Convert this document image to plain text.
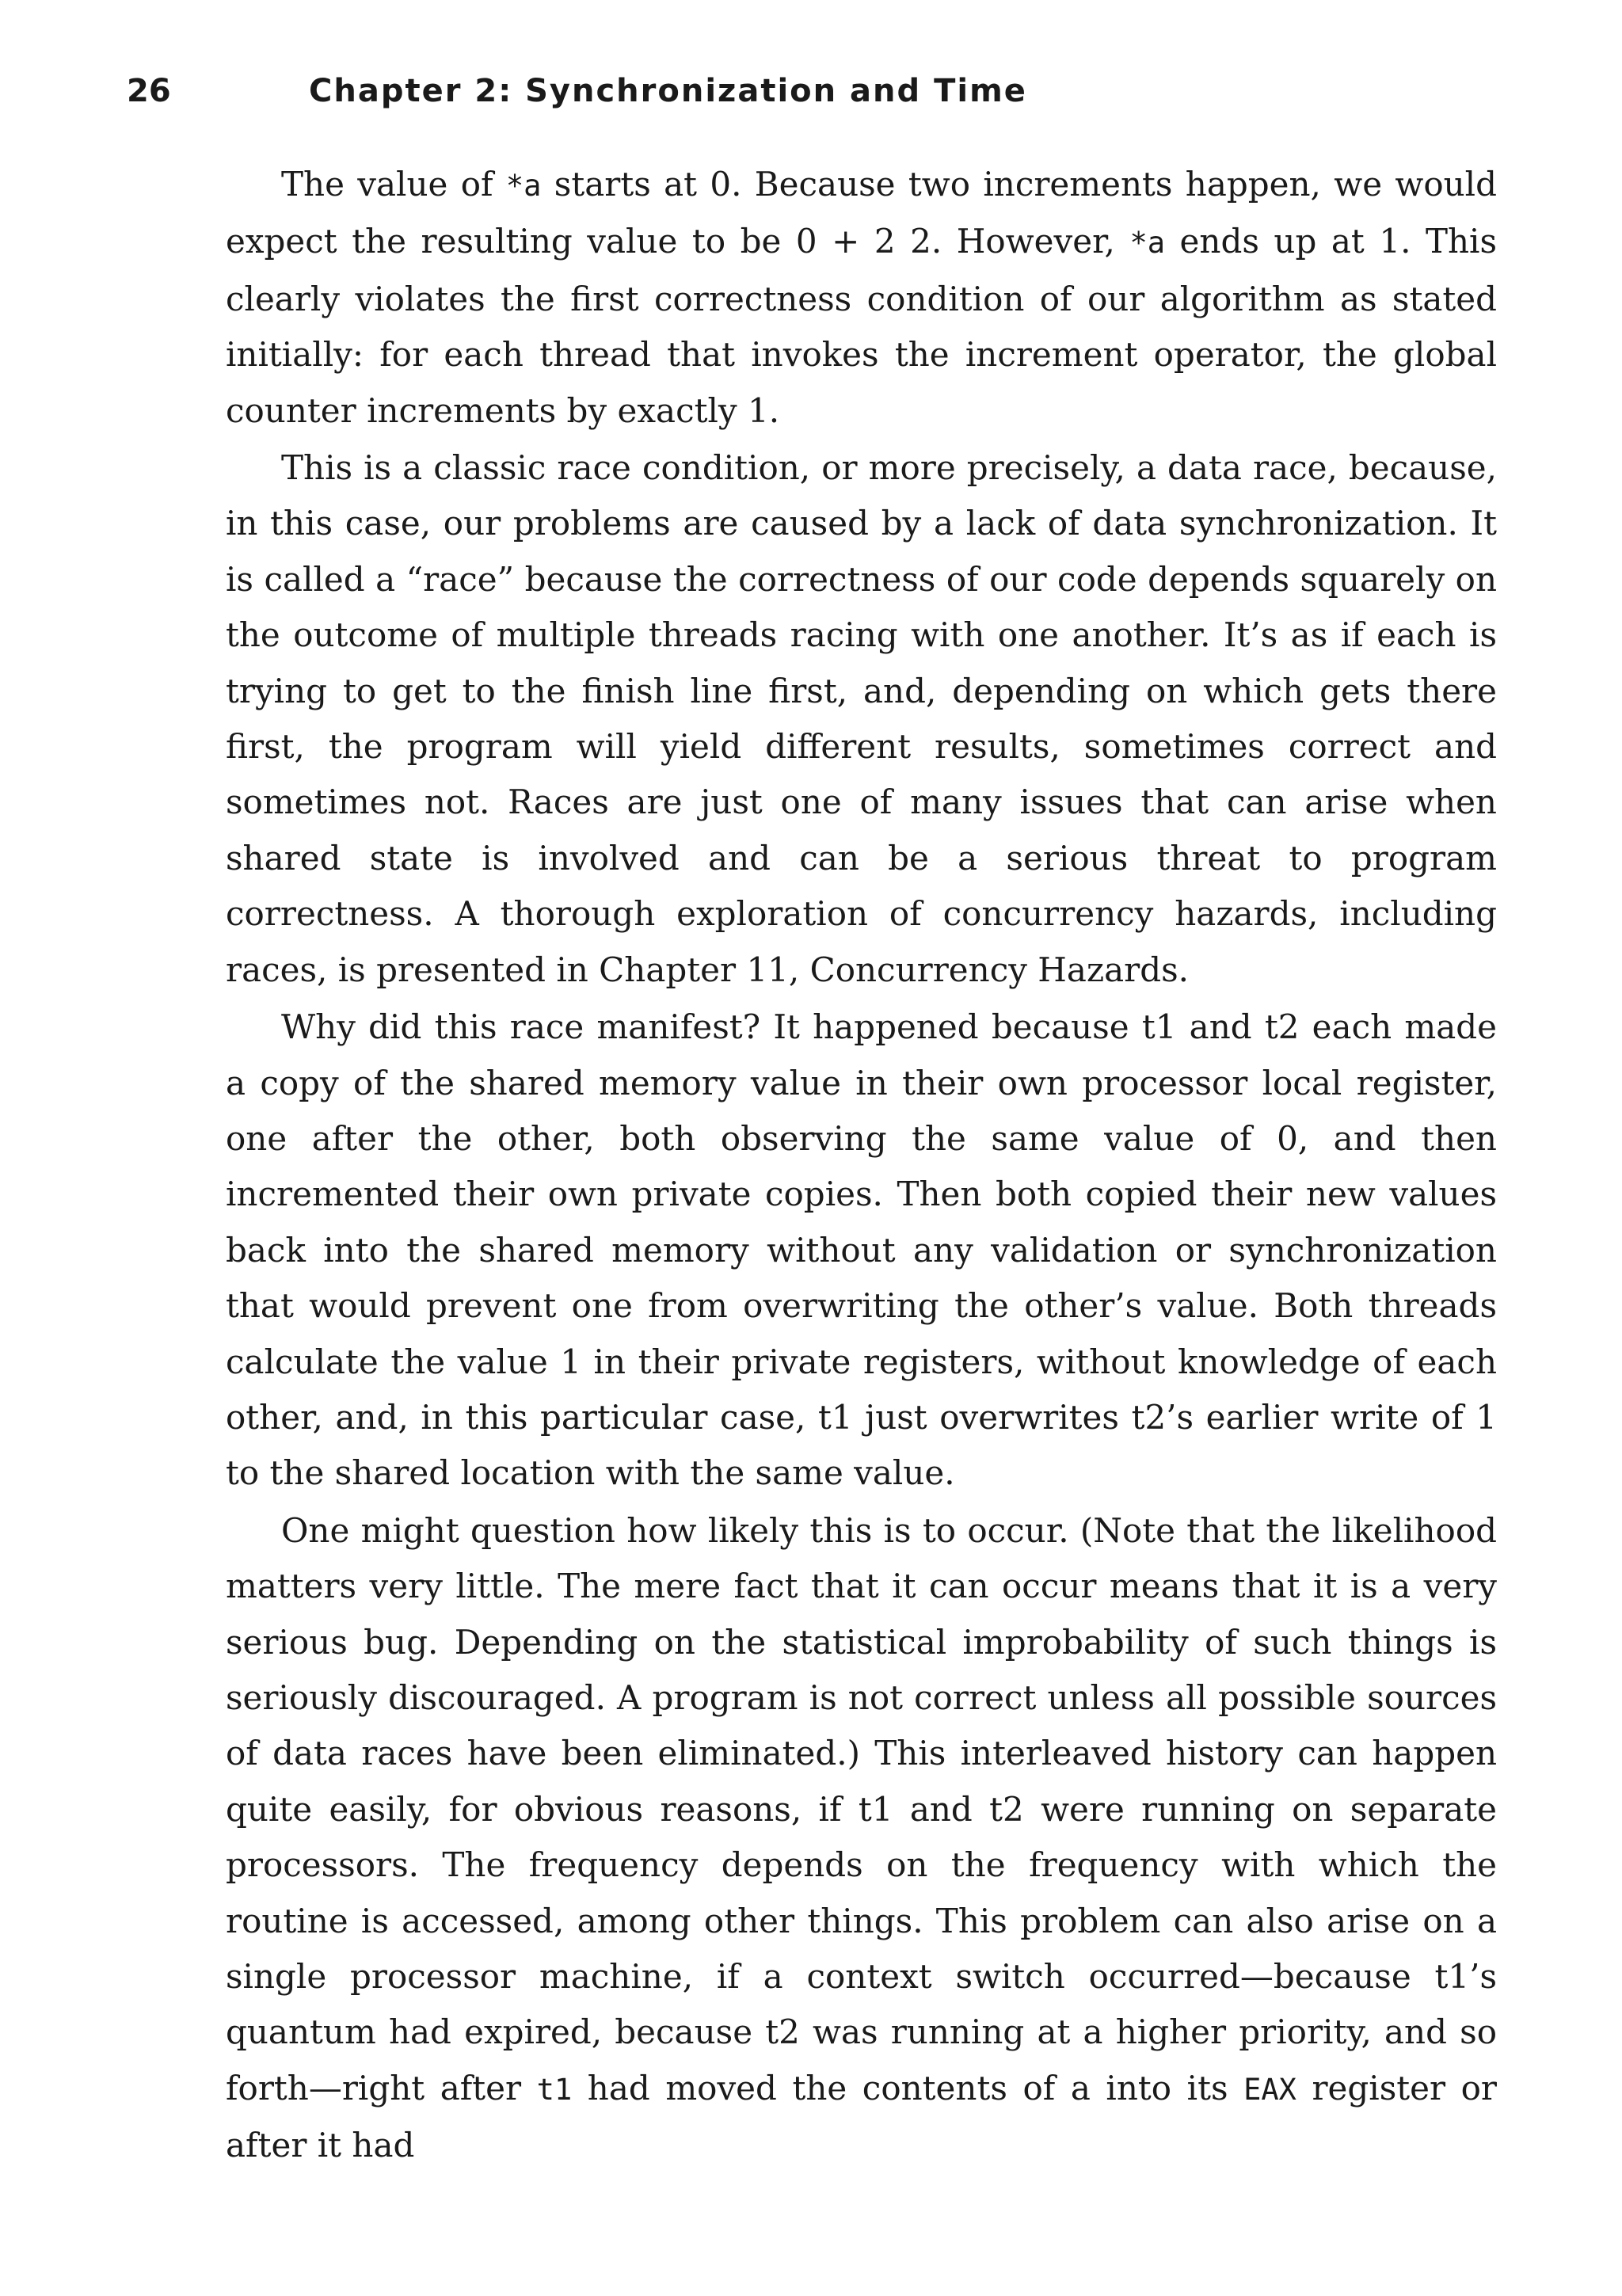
26	Chapter 2: Synchronization and Time

The value of *a starts at 0. Because two increments happen, we would expect the resulting value to be 0 + 2 2. However, *a ends up at 1. This clearly violates the first correctness condition of our algorithm as stated initially: for each thread that invokes the increment operator, the global counter increments by exactly 1.

This is a classic race condition, or more precisely, a data race, because, in this case, our problems are caused by a lack of data synchronization. It is called a “race” because the correctness of our code depends squarely on the outcome of multiple threads racing with one another. It’s as if each is trying to get to the finish line first, and, depending on which gets there first, the program will yield different results, sometimes correct and sometimes not. Races are just one of many issues that can arise when shared state is involved and can be a serious threat to program correctness. A thorough exploration of concurrency hazards, including races, is presented in Chapter 11, Concurrency Hazards.

Why did this race manifest? It happened because t1 and t2 each made a copy of the shared memory value in their own processor local register, one after the other, both observing the same value of 0, and then incremented their own private copies. Then both copied their new values back into the shared memory without any validation or synchronization that would prevent one from overwriting the other’s value. Both threads calculate the value 1 in their private registers, without knowledge of each other, and, in this particular case, t1 just overwrites t2’s earlier write of 1 to the shared location with the same value.

One might question how likely this is to occur. (Note that the likelihood matters very little. The mere fact that it can occur means that it is a very serious bug. Depending on the statistical improbability of such things is seriously discouraged. A program is not correct unless all possible sources of data races have been eliminated.) This interleaved history can happen quite easily, for obvious reasons, if t1 and t2 were running on separate processors. The frequency depends on the frequency with which the routine is accessed, among other things. This problem can also arise on a single processor machine, if a context switch occurred—because t1’s quantum had expired, because t2 was running at a higher priority, and so forth—right after t1 had moved the contents of a into its EAX register or after it had
